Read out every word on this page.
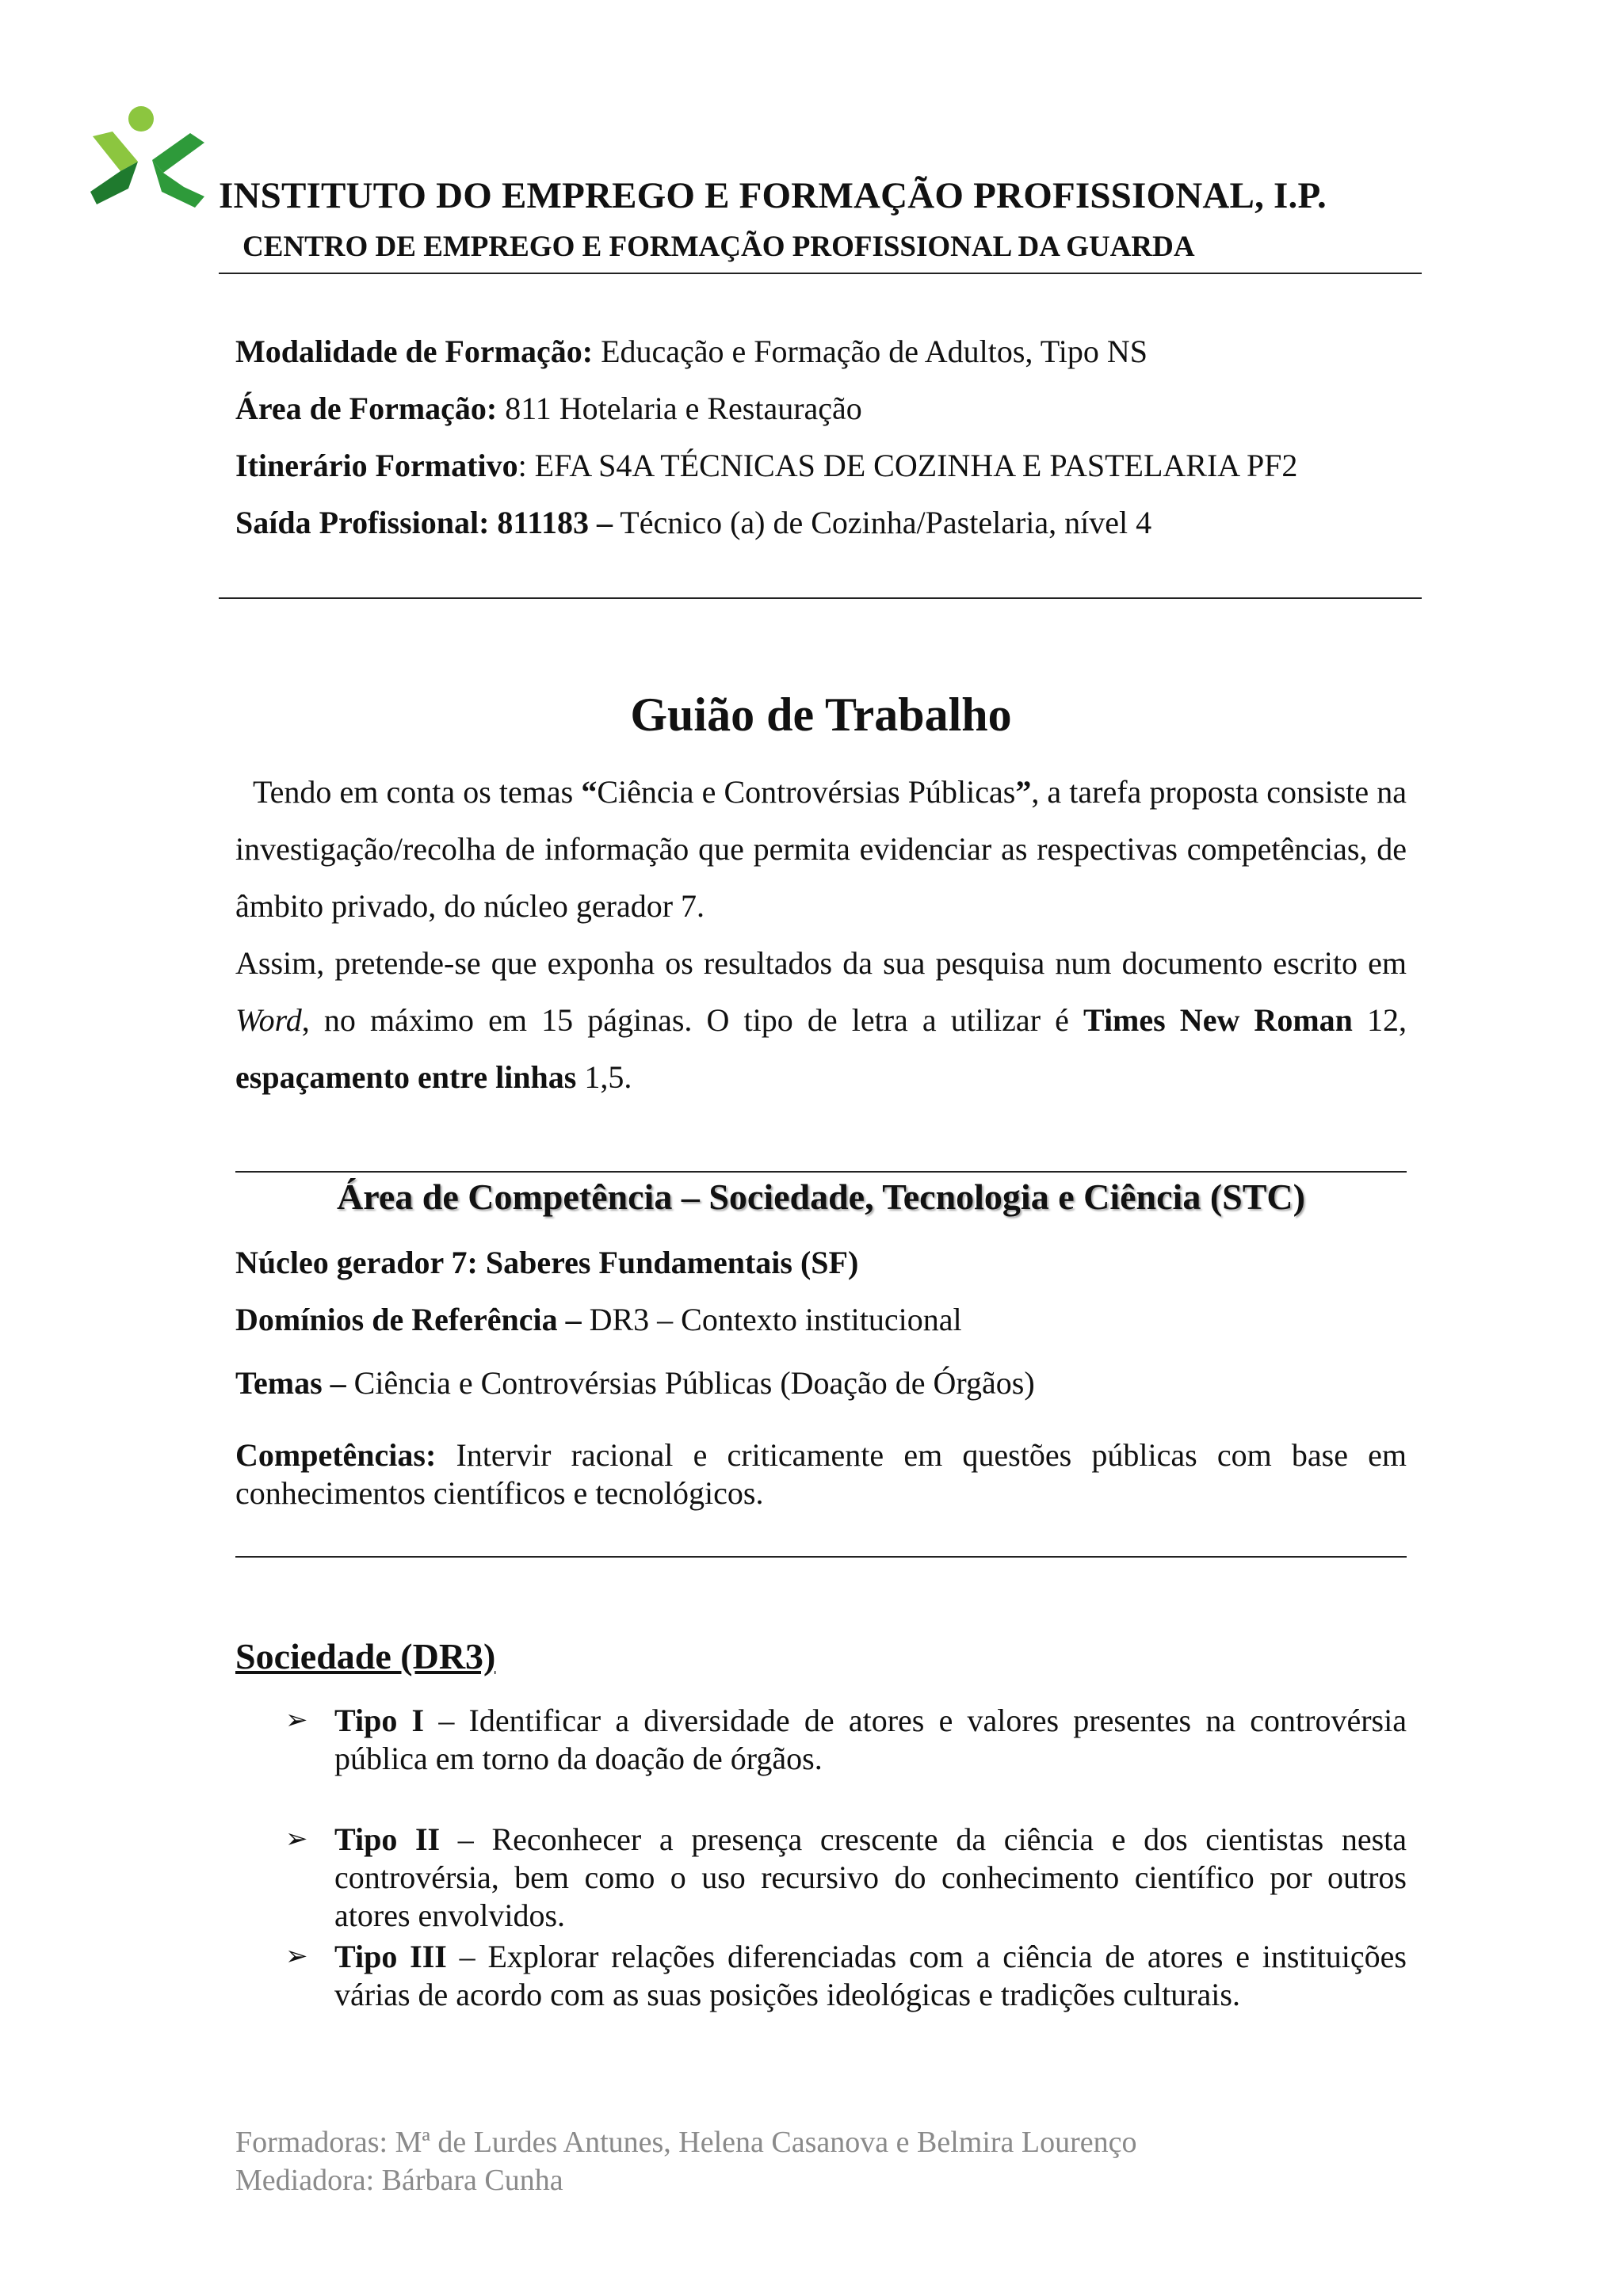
INSTITUTO DO EMPREGO E FORMAÇÃO PROFISSIONAL, I.P.
CENTRO DE EMPREGO E FORMAÇÃO PROFISSIONAL DA GUARDA
Modalidade de Formação: Educação e Formação de Adultos, Tipo NS
Área de Formação: 811 Hotelaria e Restauração
Itinerário Formativo: EFA S4A TÉCNICAS DE COZINHA E PASTELARIA PF2
Saída Profissional: 811183 – Técnico (a) de Cozinha/Pastelaria, nível 4
Guião de Trabalho

Tendo em conta os temas “Ciência e Controvérsias Públicas”, a tarefa proposta consiste na investigação/recolha de informação que permita evidenciar as respectivas competências, de âmbito privado, do núcleo gerador 7.

Assim, pretende-se que exponha os resultados da sua pesquisa num documento escrito em Word, no máximo em 15 páginas. O tipo de letra a utilizar é Times New Roman 12, espaçamento entre linhas 1,5.

Área de Competência – Sociedade, Tecnologia e Ciência (STC)
Núcleo gerador 7: Saberes Fundamentais (SF)
Domínios de Referência – DR3 – Contexto institucional
Temas – Ciência e Controvérsias Públicas (Doação de Órgãos)
Competências: Intervir racional e criticamente em questões públicas com base em conhecimentos científicos e tecnológicos.
Sociedade (DR3)
➢ Tipo I – Identificar a diversidade de atores e valores presentes na controvérsia pública em torno da doação de órgãos.
➢ Tipo II – Reconhecer a presença crescente da ciência e dos cientistas nesta controvérsia, bem como o uso recursivo do conhecimento científico por outros atores envolvidos.
➢ Tipo III – Explorar relações diferenciadas com a ciência de atores e instituições várias de acordo com as suas posições ideológicas e tradições culturais.
Formadoras: Mª de Lurdes Antunes, Helena Casanova e Belmira Lourenço
Mediadora: Bárbara Cunha
